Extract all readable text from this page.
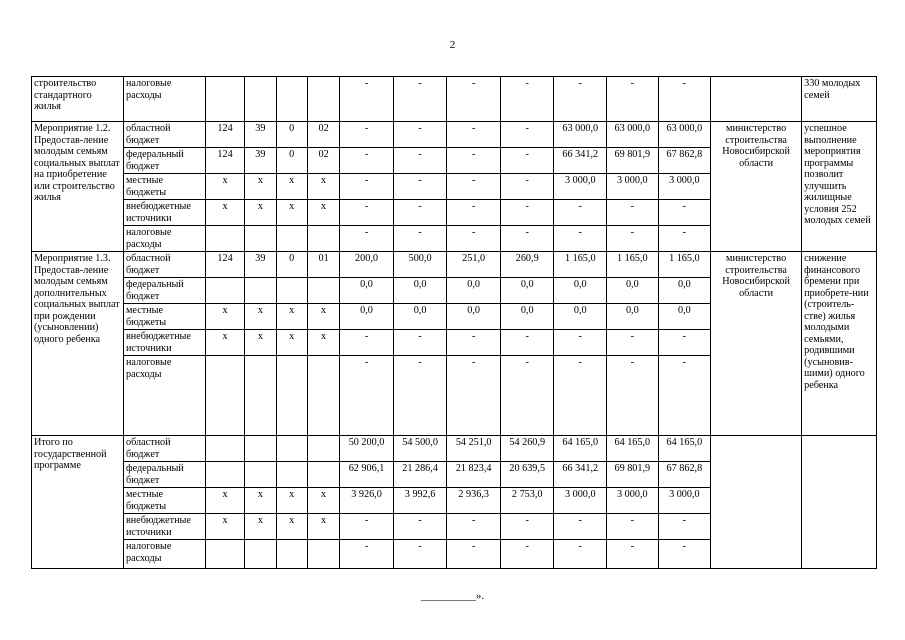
2
строительство стандартного жилья	налоговые расходы					-	-	-	-	-	-	-		330 молодых семей
Мероприятие 1.2. Предостав-ление молодым семьям социальных выплат на приобретение или строительство жилья	областной бюджет	124	39	0	02	-	-	-	-	63 000,0	63 000,0	63 000,0	министерство строительства Новосибирской области	успешное выполнение мероприятия программы позволит улучшить жилищные условия 252 молодых семей
	федеральный бюджет	124	39	0	02	-	-	-	-	66 341,2	69 801,9	67 862,8		
	местные бюджеты	х	х	х	х	-	-	-	-	3 000,0	3 000,0	3 000,0		
	внебюджетные источники	х	х	х	х	-	-	-	-	-	-	-		
	налоговые расходы					-	-	-	-	-	-	-		
Мероприятие 1.3. Предостав-ление молодым семьям дополнительных социальных выплат при рождении (усыновлении) одного ребенка	областной бюджет	124	39	0	01	200,0	500,0	251,0	260,9	1 165,0	1 165,0	1 165,0	министерство строительства Новосибирской области	снижение финансового бремени при приобрете-нии (строитель-стве) жилья молодыми семьями, родившими (усыновив-шими) одного ребенка
	федеральный бюджет					0,0	0,0	0,0	0,0	0,0	0,0	0,0		
	местные бюджеты	х	х	х	х	0,0	0,0	0,0	0,0	0,0	0,0	0,0		
	внебюджетные источники	х	х	х	х	-	-	-	-	-	-	-		
	налоговые расходы					-	-	-	-	-	-	-		
Итого по государственной программе	областной бюджет					50 200,0	54 500,0	54 251,0	54 260,9	64 165,0	64 165,0	64 165,0		
	федеральный бюджет					62 906,1	21 286,4	21 823,4	20 639,5	66 341,2	69 801,9	67 862,8		
	местные бюджеты	х	х	х	х	3 926,0	3 992,6	2 936,3	2 753,0	3 000,0	3 000,0	3 000,0		
	внебюджетные источники	х	х	х	х	-	-	-	-	-	-	-		
	налоговые расходы					-	-	-	-	-	-	-		
__________».
